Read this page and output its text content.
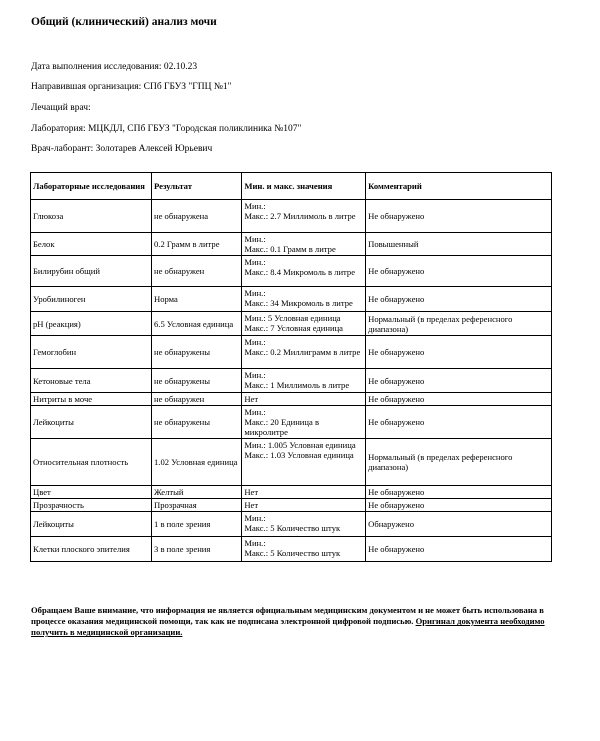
Общий (клинический) анализ мочи
Дата выполнения исследования: 02.10.23
Направившая организация: СПб ГБУЗ "ГПЦ №1"
Лечащий врач:
Лаборатория: МЦКДЛ, СПб ГБУЗ "Городская поликлиника №107"
Врач-лаборант: Золотарев Алексей Юрьевич
Лабораторные исследования	Результат	Мин. и макс. значения	Комментарий
Глюкоза	не обнаружена	Мин.:
Макс.: 2.7 Миллимоль в литре	Не обнаружено
Белок	0.2 Грамм в литре	Мин.:
Макс.: 0.1 Грамм в литре	Повышенный
Билирубин общий	не обнаружен	Мин.:
Макс.: 8.4 Микромоль в литре	Не обнаружено
Уробилиноген	Норма	Мин.:
Макс.: 34 Микромоль в литре	Не обнаружено
pH (реакция)	6.5 Условная единица	Мин.: 5 Условная единица
Макс.: 7 Условная единица	Нормальный (в пределах референсного диапазона)
Гемоглобин	не обнаружены	Мин.:
Макс.: 0.2 Миллиграмм в литре	Не обнаружено
Кетоновые тела	не обнаружены	Мин.:
Макс.: 1 Миллимоль в литре	Не обнаружено
Нитриты в моче	не обнаружен	Нет	Не обнаружено
Лейкоциты	не обнаружены	Мин.:
Макс.: 20 Единица в микролитре	Не обнаружено
Относительная плотность	1.02 Условная единица	Мин.: 1.005 Условная единица
Макс.: 1.03 Условная единица	Нормальный (в пределах референсного диапазона)
Цвет	Желтый	Нет	Не обнаружено
Прозрачность	Прозрачная	Нет	Не обнаружено
Лейкоциты	1 в поле зрения	Мин.:
Макс.: 5 Количество штук	Обнаружено
Клетки плоского эпителия	3 в поле зрения	Мин.:
Макс.: 5 Количество штук	Не обнаружено
Обращаем Ваше внимание, что информация не является официальным медицинским документом и не может быть использована в процессе оказания медицинской помощи, так как не подписана электронной цифровой подписью. Оригинал документа необходимо получить в медицинской организации.
